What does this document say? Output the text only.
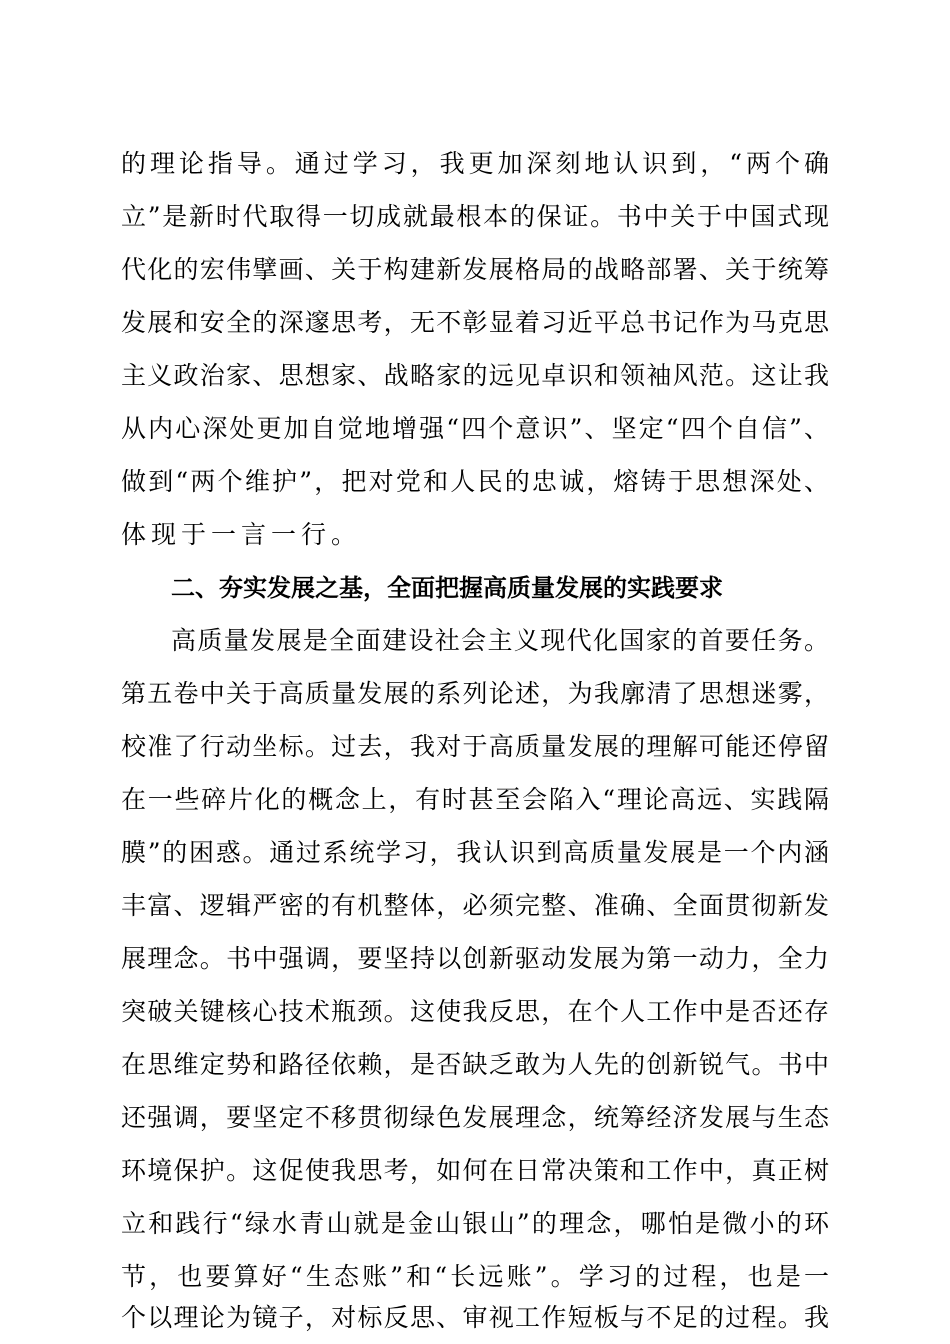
的理论指导。通过学习，我更加深刻地认识到，“两个确
立”是新时代取得一切成就最根本的保证。书中关于中国式现
代化的宏伟擘画、关于构建新发展格局的战略部署、关于统筹
发展和安全的深邃思考，无不彰显着习近平总书记作为马克思
主义政治家、思想家、战略家的远见卓识和领袖风范。这让我
从内心深处更加自觉地增强“四个意识”、坚定“四个自信”、
做到“两个维护”，把对党和人民的忠诚，熔铸于思想深处、
体现于一言一行。
二、夯实发展之基，全面把握高质量发展的实践要求
高质量发展是全面建设社会主义现代化国家的首要任务。
第五卷中关于高质量发展的系列论述，为我廓清了思想迷雾，
校准了行动坐标。过去，我对于高质量发展的理解可能还停留
在一些碎片化的概念上，有时甚至会陷入“理论高远、实践隔
膜”的困惑。通过系统学习，我认识到高质量发展是一个内涵
丰富、逻辑严密的有机整体，必须完整、准确、全面贯彻新发
展理念。书中强调，要坚持以创新驱动发展为第一动力，全力
突破关键核心技术瓶颈。这使我反思，在个人工作中是否还存
在思维定势和路径依赖，是否缺乏敢为人先的创新锐气。书中
还强调，要坚定不移贯彻绿色发展理念，统筹经济发展与生态
环境保护。这促使我思考，如何在日常决策和工作中，真正树
立和践行“绿水青山就是金山银山”的理念，哪怕是微小的环
节，也要算好“生态账”和“长远账”。学习的过程，也是一
个以理论为镜子，对标反思、审视工作短板与不足的过程。我
